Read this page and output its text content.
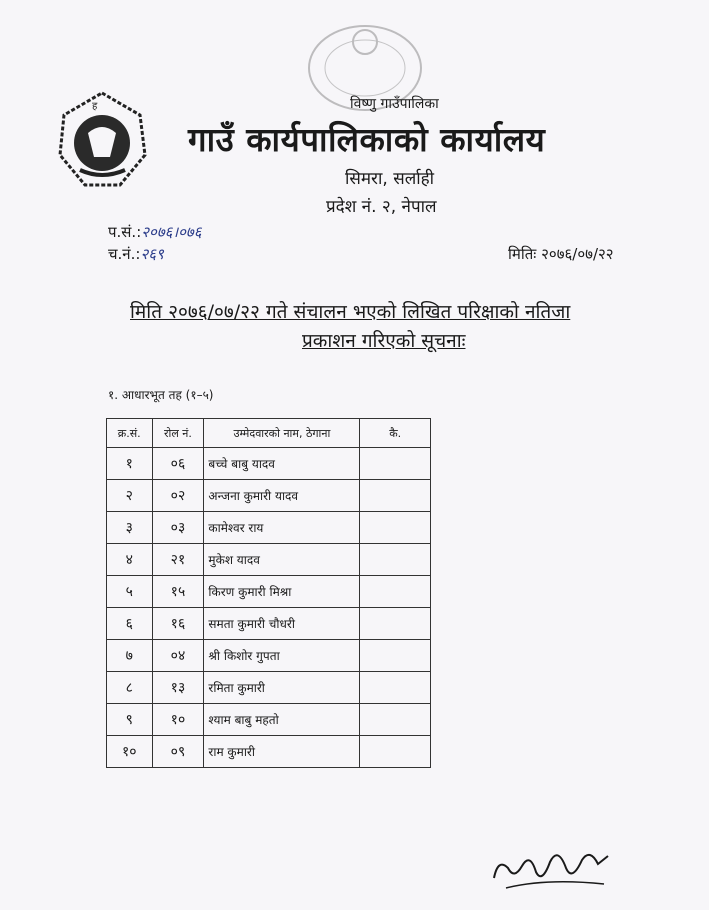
ह	विष्णु गाउँपालिका
गाउँ कार्यपालिकाको कार्यालय
सिमरा, सर्लाही
प्रदेश नं. २, नेपाल
प.सं.:२०७६।०७६
च.नं.:२६९	मितिः २०७६/०७/२२
मिति २०७६/०७/२२ गते संचालन भएको लिखित परिक्षाको नतिजा
प्रकाशन गरिएको सूचनाः
१. आधारभूत तह (१–५)
क्र.सं.	रोल नं.	उम्मेदवारको नाम, ठेगाना	कै.
१	०६	बच्चे बाबु यादव	
२	०२	अन्जना कुमारी यादव	
३	०३	कामेश्वर राय	
४	२१	मुकेश यादव	
५	१५	किरण कुमारी मिश्रा	
६	१६	समता कुमारी चौधरी	
७	०४	श्री किशोर गुपता	
८	१३	रमिता कुमारी	
९	१०	श्याम बाबु महतो	
१०	०९	राम कुमारी	
